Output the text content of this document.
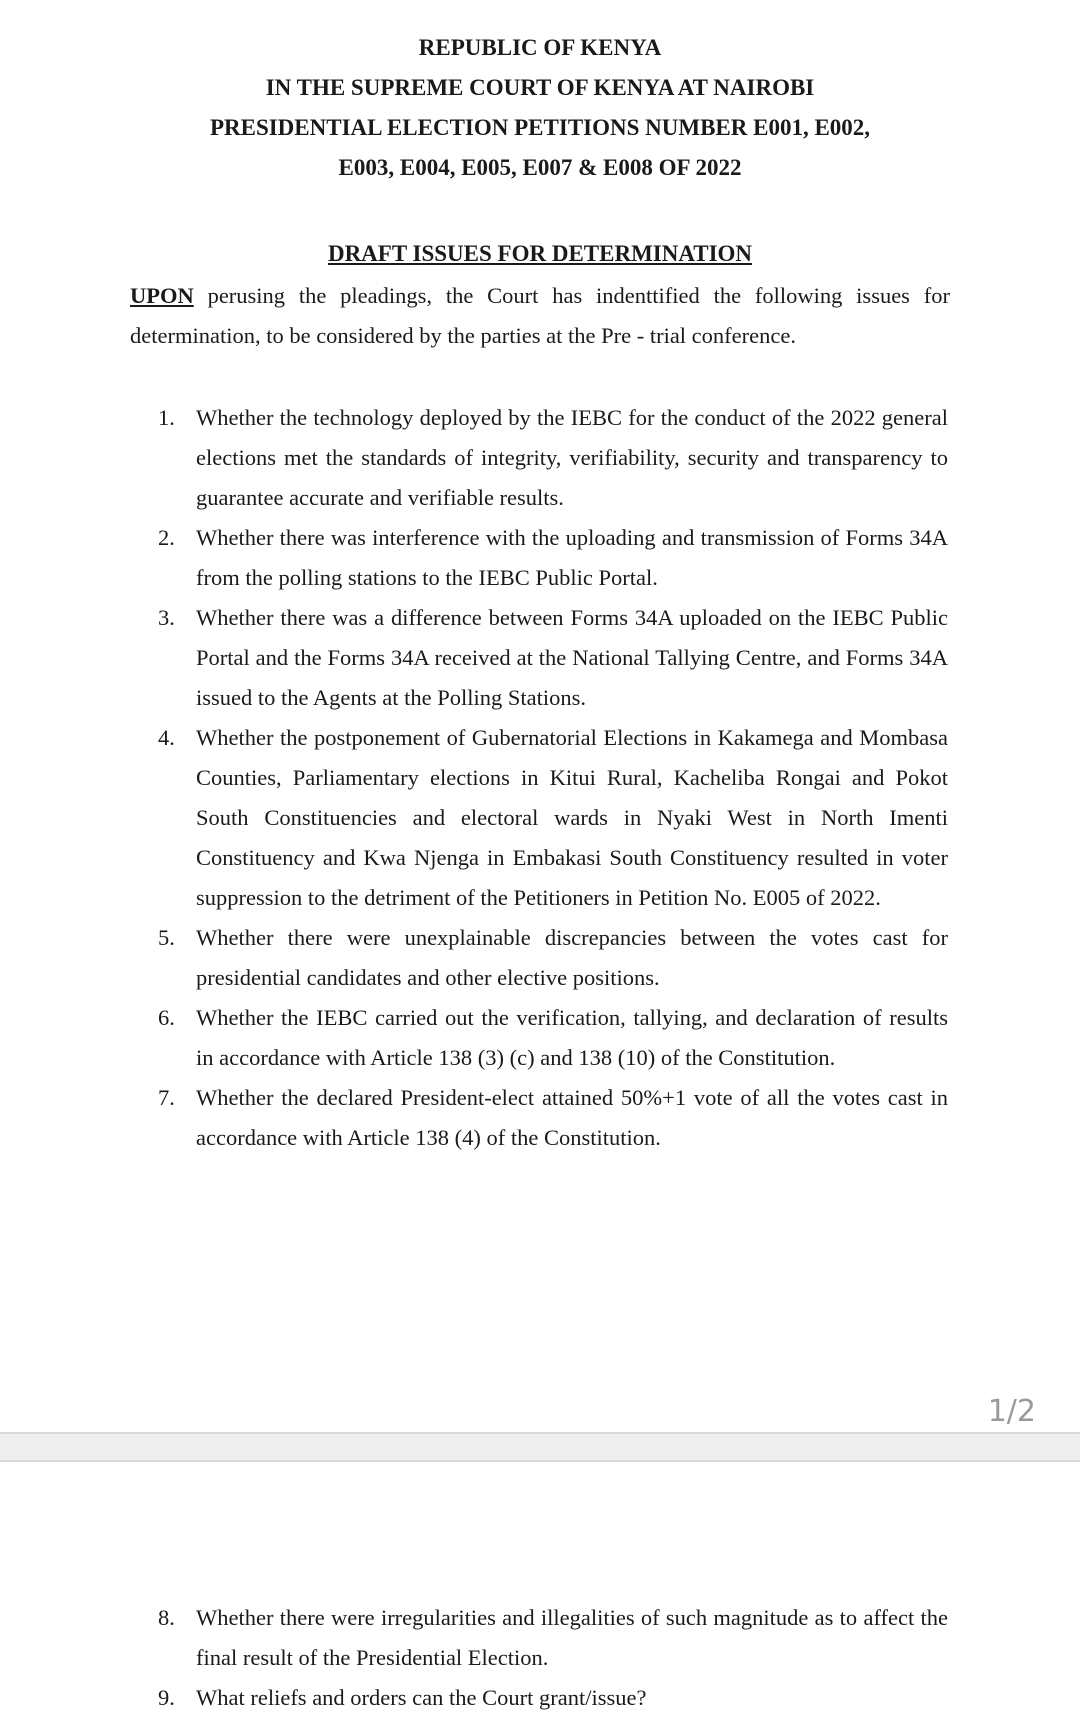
REPUBLIC OF KENYA
IN THE SUPREME COURT OF KENYA AT NAIROBI
PRESIDENTIAL ELECTION PETITIONS NUMBER E001, E002,
E003, E004, E005, E007 & E008 OF 2022
DRAFT ISSUES FOR DETERMINATION
UPON perusing the pleadings, the Court has indenttified the following issues for determination, to be considered by the parties at the Pre - trial conference.
1. Whether the technology deployed by the IEBC for the conduct of the 2022 general elections met the standards of integrity, verifiability, security and transparency to guarantee accurate and verifiable results.
2. Whether there was interference with the uploading and transmission of Forms 34A from the polling stations to the IEBC Public Portal.
3. Whether there was a difference between Forms 34A uploaded on the IEBC Public Portal and the Forms 34A received at the National Tallying Centre, and Forms 34A issued to the Agents at the Polling Stations.
4. Whether the postponement of Gubernatorial Elections in Kakamega and Mombasa Counties, Parliamentary elections in Kitui Rural, Kacheliba Rongai and Pokot South Constituencies and electoral wards in Nyaki West in North Imenti Constituency and Kwa Njenga in Embakasi South Constituency resulted in voter suppression to the detriment of the Petitioners in Petition No. E005 of 2022.
5. Whether there were unexplainable discrepancies between the votes cast for presidential candidates and other elective positions.
6. Whether the IEBC carried out the verification, tallying, and declaration of results in accordance with Article 138 (3) (c) and 138 (10) of the Constitution.
7. Whether the declared President-elect attained 50%+1 vote of all the votes cast in accordance with Article 138 (4) of the Constitution.
1/2
8. Whether there were irregularities and illegalities of such magnitude as to affect the final result of the Presidential Election.
9. What reliefs and orders can the Court grant/issue?
